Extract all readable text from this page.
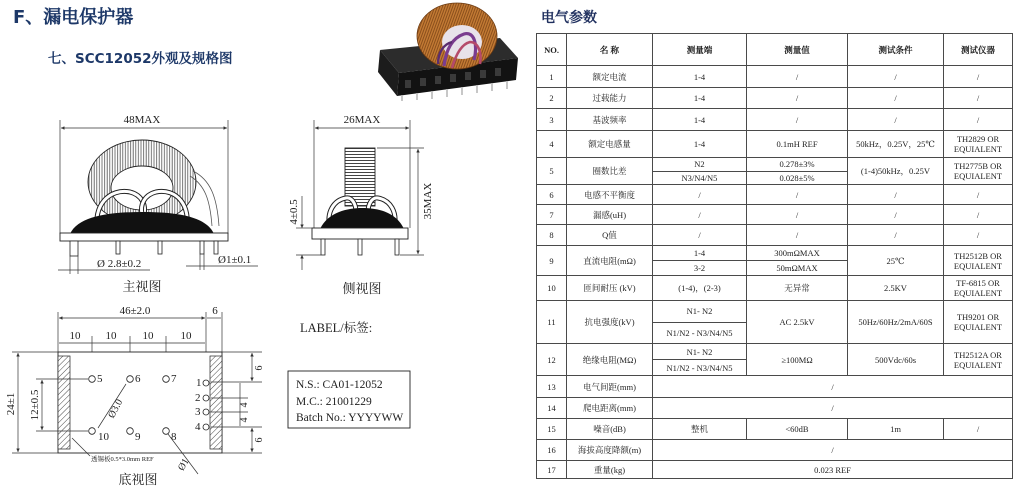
F、漏电保护器
七、SCC12052外观及规格图
Ø 2.8±0.2	Ø1±0.1
48MAX
主视图
26MAX
35MAX
4±0.5
侧视图
46±2.0	6
10 10 10 10
24±1 12±0.5
6
4
4
6
5	6	7 1
2
3
4
10 9	8
Ø3.0
Ø1
透锡板0.5*3.0mm REF
底视图
LABEL/标签:
N.S.: CA01-12052
M.C.: 21001229
Batch No.: YYYYWW
电气参数
NO.	名 称	测量端	测量值	测试条件	测试仪器
1	额定电流	1-4	/	/	/
2	过载能力	1-4	/	/	/
3	基波频率	1-4	/	/	/
4	额定电感量	1-4	0.1mH REF	50kHz，0.25V，25℃	TH2829 OR EQUIALENT
5	圈数比差	N2	0.278±3%	(1-4)50kHz，0.25V	TH2775B OR EQUIALENT
		N3/N4/N5	0.028±5%		
6	电感不平衡度	/	/	/	/
7	漏感(uH)	/	/	/	/
8	Q值	/	/	/	/
9	直流电阻(mΩ)	1-4	300mΩMAX	25℃	TH2512B OR EQUIALENT
		3-2	50mΩMAX		
10	匝间耐压 (kV)	(1-4)，(2-3)	无异常	2.5KV	TF-6815 OR EQUIALENT
11	抗电强度(kV)	N1- N2	AC 2.5kV	50Hz/60Hz/2mA/60S	TH9201 OR EQUIALENT
		N1/N2 - N3/N4/N5			
12	绝缘电阻(MΩ)	N1- N2	≥100MΩ	500Vdc/60s	TH2512A OR EQUIALENT
		N1/N2 - N3/N4/N5			
13	电气间距(mm)	/			
14	爬电距离(mm)	/			
15	噪音(dB)	整机	<60dB	1m	/
16	海拔高度降额(m)	/			
17	重量(kg)	0.023 REF			
